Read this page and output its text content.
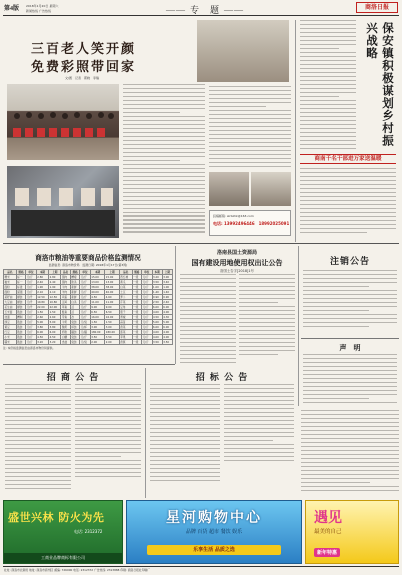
第4版 2018年1月20日 星期六
新闻热线 广告热线	—— 专　题 ——	商洛日报
三百老人笑开颜
免费彩照带回家
文/图　记者　郭晓　李瑞
投稿邮箱: slrbzhk@163.com
电话: 13992496446　18992025091
保安镇积极谋划乡村振兴战略
商南千名干部进万家送温暖
商洛市粮油等重要商品价格监测情况
监测信息: 商洛市物价局　监测日期: 2018年1月17日(第3周)
品名	规格	单位	本期	上期	品名	规格	单位	本期	上期	品名	规格	单位	本期	上期
粳米	标一	元/斤	2.80	2.80	猪肉	精瘦	元/斤	15.00	15.00	西红柿	一级	元/斤	3.20	3.00
籼米	标一	元/斤	2.40	2.40	猪肉	肋条	元/斤	13.00	13.00	黄瓜	一级	元/斤	3.50	3.40
面粉	标准	元/斤	1.90	1.90	牛肉	新鲜	元/斤	38.00	38.00	白菜	一级	元/斤	1.00	1.00
面粉	富强	元/斤	2.10	2.10	羊肉	新鲜	元/斤	40.00	40.00	土豆	一级	元/斤	1.40	1.40
菜籽油	桶装	元/升	12.50	12.50	鸡蛋	新鲜	元/斤	4.50	4.60	萝卜	一级	元/斤	0.90	0.90
大豆油	桶装	元/升	10.80	10.80	活鸡	白条	元/斤	11.00	11.00	芹菜	一级	元/斤	2.50	2.40
花生油	桶装	元/升	22.00	22.00	草鱼	活	元/斤	9.00	9.00	豆角	一级	元/斤	6.00	6.00
玉米面	散装	元/斤	1.50	1.50	鲢鱼	活	元/斤	6.50	6.50	茄子	一级	元/斤	4.00	4.00
挂面	精制	元/斤	2.60	2.60	带鱼	冻	元/斤	16.00	16.00	青椒	一级	元/斤	4.50	4.30
绿豆	散装	元/斤	5.00	5.00	牛奶	袋装	元/袋	1.50	1.50	蒜苗	一级	元/斤	5.00	5.00
黄豆	散装	元/斤	3.80	3.80	酸奶	杯装	元/杯	3.00	3.00	香菜	一级	元/斤	6.00	6.00
红豆	散装	元/斤	6.00	6.00	奶粉	罐装	元/罐	180.00	180.00	莲菜	一级	元/斤	4.00	4.00
小米	散装	元/斤	4.50	4.50	白糖	袋装	元/斤	3.50	3.50	苹果	一级	元/斤	4.00	4.00
糯米	散装	元/斤	3.20	3.20	食盐	袋装	元/袋	2.00	2.00	香蕉	一级	元/斤	3.50	3.50
注: 本价格监测信息由商洛市物价局提供。
洛南县国土资源局
国有建设用地使用权出让公告
洛国土告字[2018]1号
注销公告
声　明
招 商 公 告	招 标 公 告
盛世兴林 防火为先
电话: 2312372
工商业品牌商标有限公司
星河购物中心
品牌 百货 超市 餐饮 娱乐
乐享生活 品质之选
遇见
最美的自己
新年特惠
社址: 商洛市北新街 地址: 商洛市商州区 邮编: 726000 电话: 2312372 广告热线: 2313888 印刷: 商洛日报社印刷厂
